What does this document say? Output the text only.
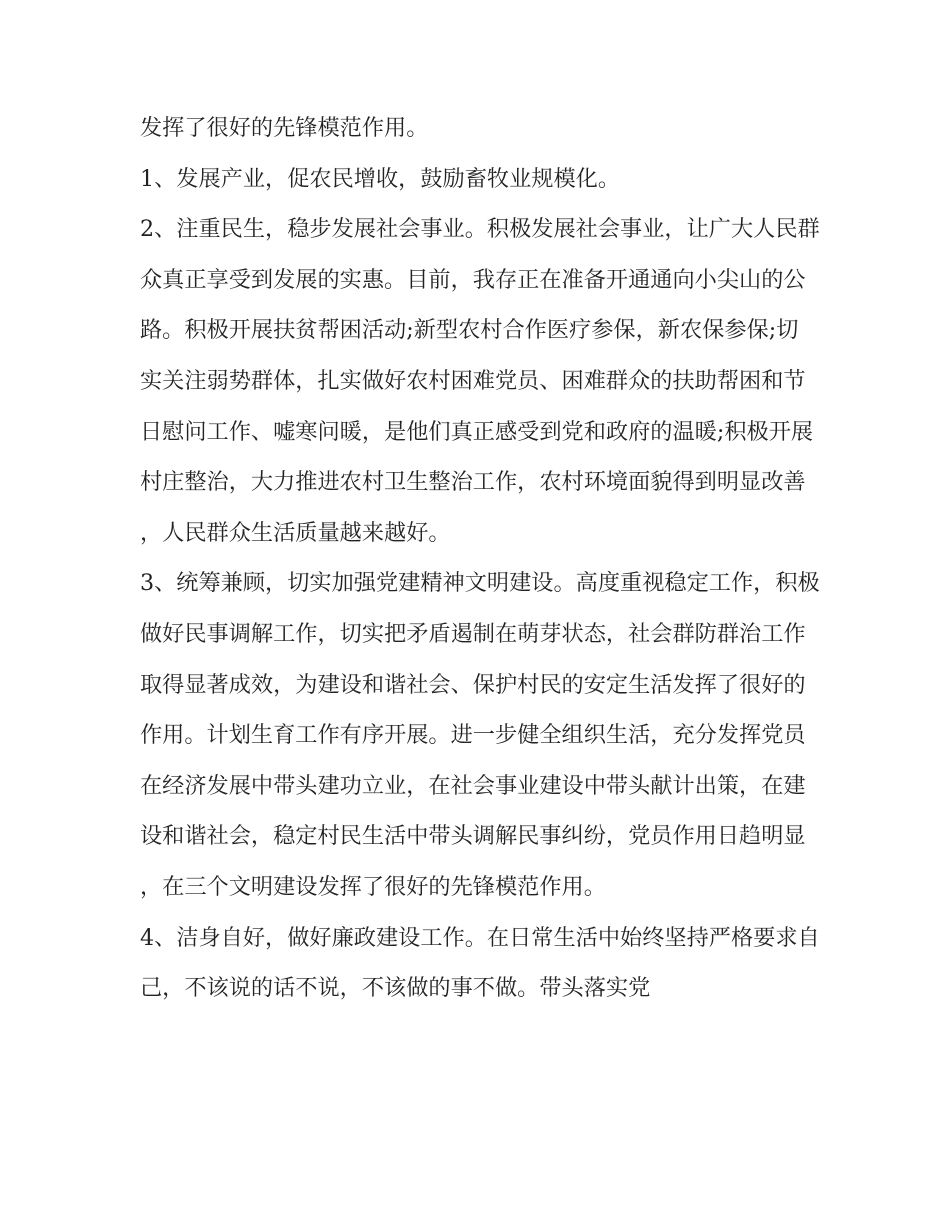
发挥了很好的先锋模范作用。

1、发展产业，促农民增收，鼓励畜牧业规模化。

2、注重民生，稳步发展社会事业。积极发展社会事业，让广大人民群众真正享受到发展的实惠。目前，我存正在准备开通通向小尖山的公路。积极开展扶贫帮困活动;新型农村合作医疗参保，新农保参保;切实关注弱势群体，扎实做好农村困难党员、困难群众的扶助帮困和节日慰问工作、嘘寒问暖，是他们真正感受到党和政府的温暖;积极开展村庄整治，大力推进农村卫生整治工作，农村环境面貌得到明显改善，人民群众生活质量越来越好。

3、统筹兼顾，切实加强党建精神文明建设。高度重视稳定工作，积极做好民事调解工作，切实把矛盾遏制在萌芽状态，社会群防群治工作取得显著成效，为建设和谐社会、保护村民的安定生活发挥了很好的作用。计划生育工作有序开展。进一步健全组织生活，充分发挥党员在经济发展中带头建功立业，在社会事业建设中带头献计出策，在建设和谐社会，稳定村民生活中带头调解民事纠纷，党员作用日趋明显，在三个文明建设发挥了很好的先锋模范作用。

4、洁身自好，做好廉政建设工作。在日常生活中始终坚持严格要求自己，不该说的话不说，不该做的事不做。带头落实党
